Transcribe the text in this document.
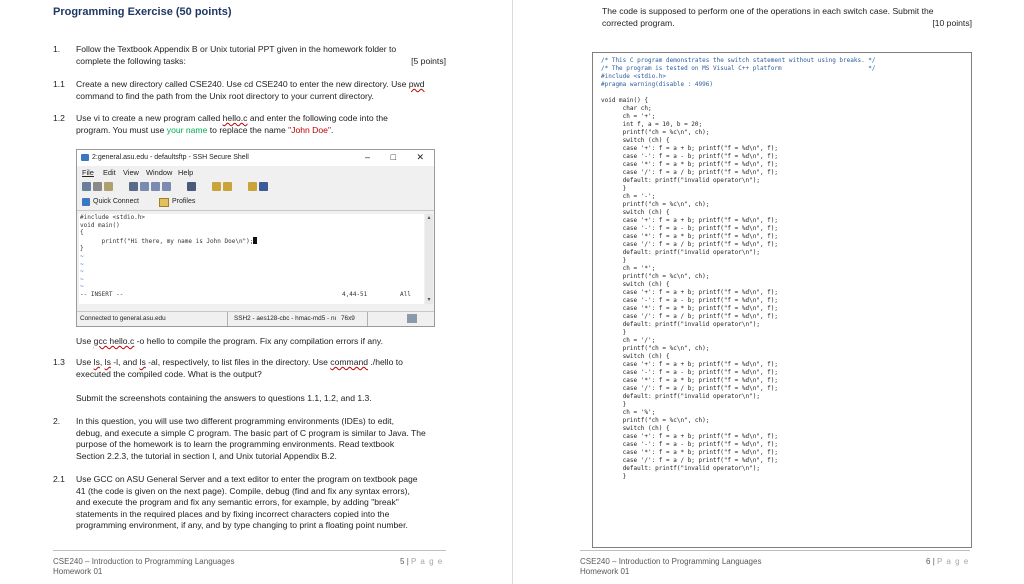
Programming Exercise (50 points)
1. Follow the Textbook Appendix B or Unix tutorial PPT given in the homework folder to
complete the following tasks:	[5 points]
1.1 Create a new directory called CSE240. Use cd CSE240 to enter the new directory. Use pwd
command to find the path from the Unix root directory to your current directory.
1.2 Use vi to create a new program called hello.c and enter the following code into the
program. You must use your name to replace the name "John Doe".
2:general.asu.edu - defaultsftp - SSH Secure Shell	– □ ✕
File Edit View Window Help

Quick Connect	Profiles
#include <stdio.h>
void main()
{
printf("Hi there, my name is John Doe\n");
}
~
~
~
~
~
-- INSERT --	4,44-51	All
▴
▾
Connected to general.asu.edu	SSH2 - aes128-cbc - hmac-md5 - nı 76x9
Use gcc hello.c -o hello to compile the program. Fix any compilation errors if any.
1.3 Use ls, ls -l, and ls -al, respectively, to list files in the directory. Use command ./hello to
executed the compiled code. What is the output?
Submit the screenshots containing the answers to questions 1.1, 1.2, and 1.3.
2. In this question, you will use two different programming environments (IDEs) to edit,
debug, and execute a simple C program. The basic part of C program is similar to Java. The
purpose of the homework is to learn the programming environments. Read textbook
Section 2.2.3, the tutorial in section I, and Unix tutorial Appendix B.2.
2.1 Use GCC on ASU General Server and a text editor to enter the program on textbook page
41 (the code is given on the next page). Compile, debug (find and fix any syntax errors),
and execute the program and fix any semantic errors, for example, by adding "break"
statements in the required places and by fixing incorrect characters copied into the
programming environment, if any, and by type changing to print a floating point number.
CSE240 – Introduction to Programming Languages
Homework 01
5 | P a g e
The code is supposed to perform one of the operations in each switch case. Submit the
corrected program.	[10 points]
/* This C program demonstrates the switch statement without using breaks. */
/* The program is tested on MS Visual C++ platform                        */
#include <stdio.h>
#pragma warning(disable : 4996)
void main() {
char ch;
ch = '+';
int f, a = 10, b = 20;
printf("ch = %c\n", ch);
switch (ch) {
case '+': f = a + b; printf("f = %d\n", f);
case '-': f = a - b; printf("f = %d\n", f);
case '*': f = a * b; printf("f = %d\n", f);
case '/': f = a / b; printf("f = %d\n", f);
default: printf("invalid operator\n");
}
ch = '-';
printf("ch = %c\n", ch);
switch (ch) {
case '+': f = a + b; printf("f = %d\n", f);
case '-': f = a - b; printf("f = %d\n", f);
case '*': f = a * b; printf("f = %d\n", f);
case '/': f = a / b; printf("f = %d\n", f);
default: printf("invalid operator\n");
}
ch = '*';
printf("ch = %c\n", ch);
switch (ch) {
case '+': f = a + b; printf("f = %d\n", f);
case '-': f = a - b; printf("f = %d\n", f);
case '*': f = a * b; printf("f = %d\n", f);
case '/': f = a / b; printf("f = %d\n", f);
default: printf("invalid operator\n");
}
ch = '/';
printf("ch = %c\n", ch);
switch (ch) {
case '+': f = a + b; printf("f = %d\n", f);
case '-': f = a - b; printf("f = %d\n", f);
case '*': f = a * b; printf("f = %d\n", f);
case '/': f = a / b; printf("f = %d\n", f);
default: printf("invalid operator\n");
}
ch = '%';
printf("ch = %c\n", ch);
switch (ch) {
case '+': f = a + b; printf("f = %d\n", f);
case '-': f = a - b; printf("f = %d\n", f);
case '*': f = a * b; printf("f = %d\n", f);
case '/': f = a / b; printf("f = %d\n", f);
default: printf("invalid operator\n");
}
CSE240 – Introduction to Programming Languages
Homework 01
6 | P a g e
